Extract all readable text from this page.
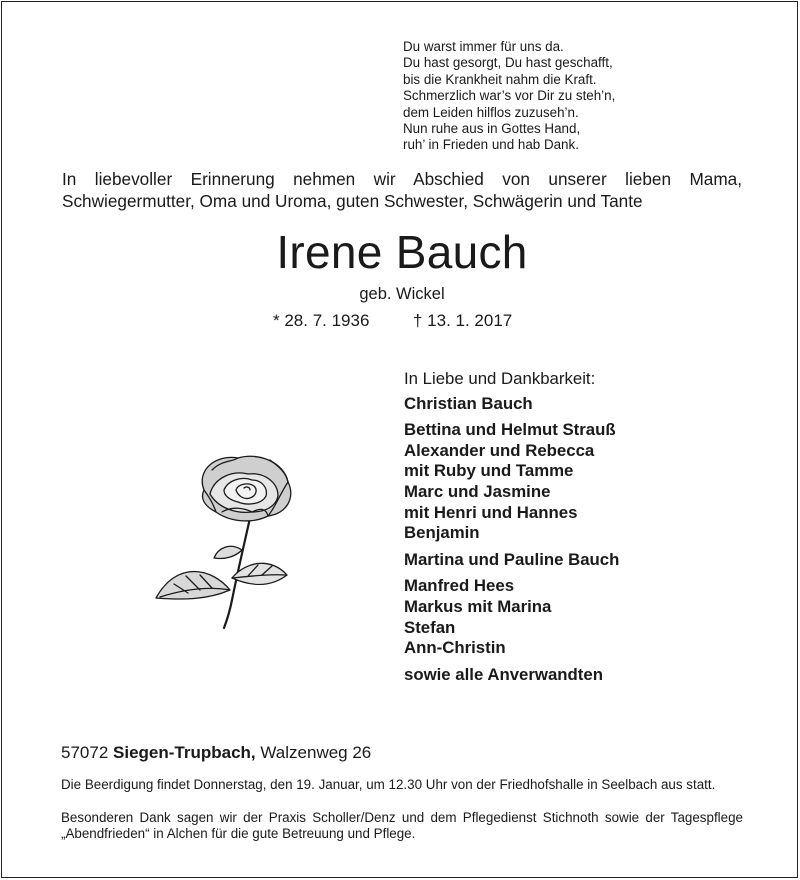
Du warst immer für uns da.
Du hast gesorgt, Du hast geschafft,
bis die Krankheit nahm die Kraft.
Schmerzlich war’s vor Dir zu steh’n,
dem Leiden hilflos zuzuseh’n.
Nun ruhe aus in Gottes Hand,
ruh’ in Frieden und hab Dank.
In liebevoller Erinnerung nehmen wir Abschied von unserer lieben Mama, Schwiegermutter, Oma und Uroma, guten Schwester, Schwägerin und Tante
Irene Bauch
geb. Wickel
* 28. 7. 1936	† 13. 1. 2017
In Liebe und Dankbarkeit:
Christian Bauch
Bettina und Helmut Strauß
Alexander und Rebecca
mit Ruby und Tamme
Marc und Jasmine
mit Henri und Hannes
Benjamin
Martina und Pauline Bauch
Manfred Hees
Markus mit Marina
Stefan
Ann-Christin
sowie alle Anverwandten
57072 Siegen-Trupbach, Walzenweg 26
Die Beerdigung findet Donnerstag, den 19. Januar, um 12.30 Uhr von der Friedhofshalle in Seelbach aus statt.
Besonderen Dank sagen wir der Praxis Scholler/Denz und dem Pflegedienst Stichnoth sowie der Tagespflege „Abendfrieden“ in Alchen für die gute Betreuung und Pflege.
